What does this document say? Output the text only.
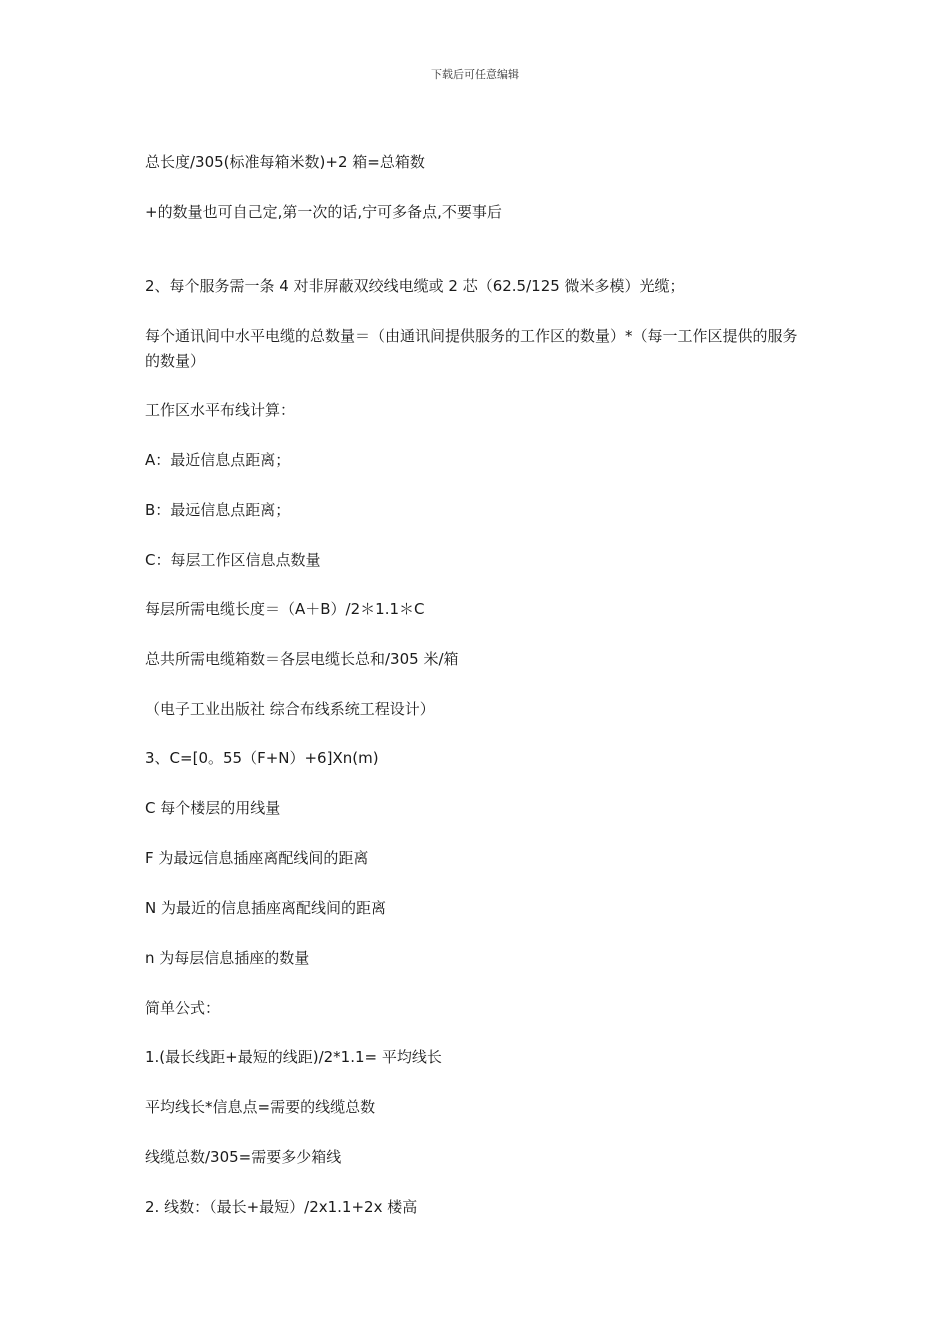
下载后可任意编辑
总长度/305(标准每箱米数)+2 箱=总箱数
+的数量也可自己定,第一次的话,宁可多备点,不要事后
2、每个服务需一条 4 对非屏蔽双绞线电缆或 2 芯（62.5/125 微米多模）光缆；
每个通讯间中水平电缆的总数量＝（由通讯间提供服务的工作区的数量）*（每一工作区提供的服务的数量）
工作区水平布线计算：
A：最近信息点距离；
B：最远信息点距离；
C：每层工作区信息点数量
每层所需电缆长度＝（A＋B）/2＊1.1＊C
总共所需电缆箱数＝各层电缆长总和/305 米/箱
（电子工业出版社 综合布线系统工程设计）
3、C=[0。55（F+N）+6]Xn(m)
C 每个楼层的用线量
F 为最远信息插座离配线间的距离
N 为最近的信息插座离配线间的距离
n 为每层信息插座的数量
简单公式：
1.(最长线距+最短的线距)/2*1.1= 平均线长
平均线长*信息点=需要的线缆总数
线缆总数/305=需要多少箱线
2. 线数：（最长+最短）/2x1.1+2x 楼高
